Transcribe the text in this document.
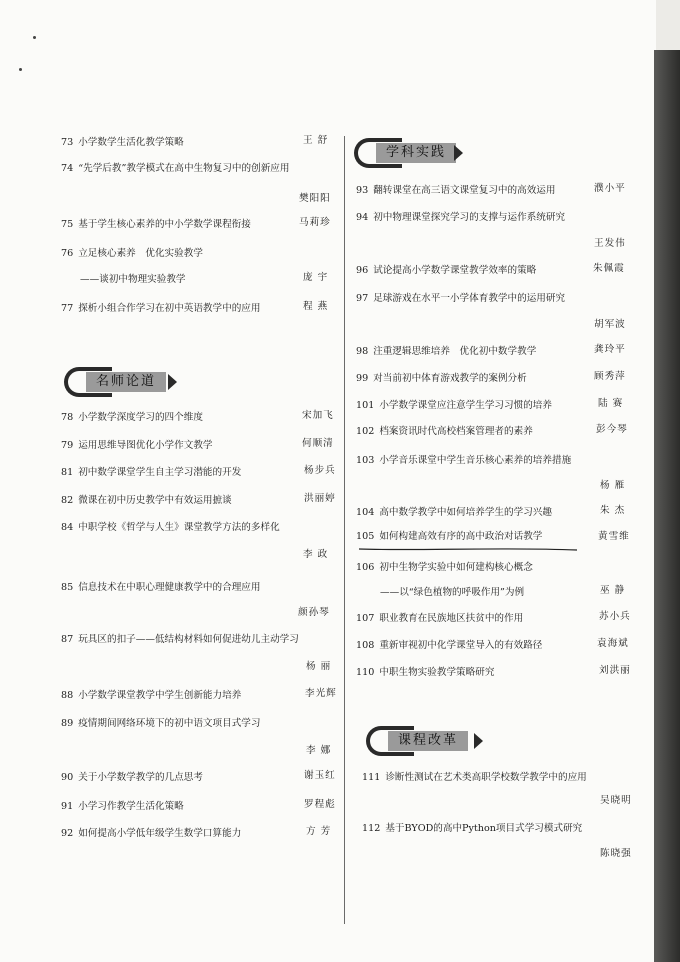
学科实践
名师论道
课程改革
73 小学数学生活化教学策略	王 舒
74 “先学后教”教学模式在高中生物复习中的创新应用
樊阳阳
75 基于学生核心素养的中小学数学课程衔接	马莉珍
76 立足核心素养　优化实验教学
——谈初中物理实验教学	庞 宇
77 探析小组合作学习在初中英语教学中的应用	程 燕
78 小学数学深度学习的四个维度	宋加飞
79 运用思维导图优化小学作文教学	何顺清
81 初中数学课堂学生自主学习潜能的开发	杨步兵
82 微课在初中历史教学中有效运用摭谈	洪丽婷
84 中职学校《哲学与人生》课堂教学方法的多样化
李 政
85 信息技术在中职心理健康教学中的合理应用
颜孙琴
87 玩具区的扣子——低结构材料如何促进幼儿主动学习
杨 丽
88 小学数学课堂教学中学生创新能力培养	李光辉
89 疫情期间网络环境下的初中语文项目式学习
李 娜
90 关于小学数学教学的几点思考	谢玉红
91 小学习作教学生活化策略	罗程彪
92 如何提高小学低年级学生数学口算能力	方 芳
93 翻转课堂在高三语文课堂复习中的高效运用	濮小平
94 初中物理课堂探究学习的支撑与运作系统研究
王发伟
96 试论提高小学数学课堂教学效率的策略	朱佩霞
97 足球游戏在水平一小学体育教学中的运用研究
胡军波
98 注重逻辑思维培养　优化初中数学教学	龚玲平
99 对当前初中体育游戏教学的案例分析	顾秀萍
101 小学数学课堂应注意学生学习习惯的培养	陆 赛
102 档案资讯时代高校档案管理者的素养	彭今琴
103 小学音乐课堂中学生音乐核心素养的培养措施
杨 雁
104 高中数学教学中如何培养学生的学习兴趣	朱 杰
105 如何构建高效有序的高中政治对话教学	黄雪维
106 初中生物学实验中如何建构核心概念
——以“绿色植物的呼吸作用”为例	巫 静
107 职业教育在民族地区扶贫中的作用	苏小兵
108 重新审视初中化学课堂导入的有效路径	袁海斌
110 中职生物实验教学策略研究	刘洪丽
111 诊断性测试在艺术类高职学校数学教学中的应用
吴晓明
112 基于BYOD的高中Python项目式学习模式研究
陈晓强
